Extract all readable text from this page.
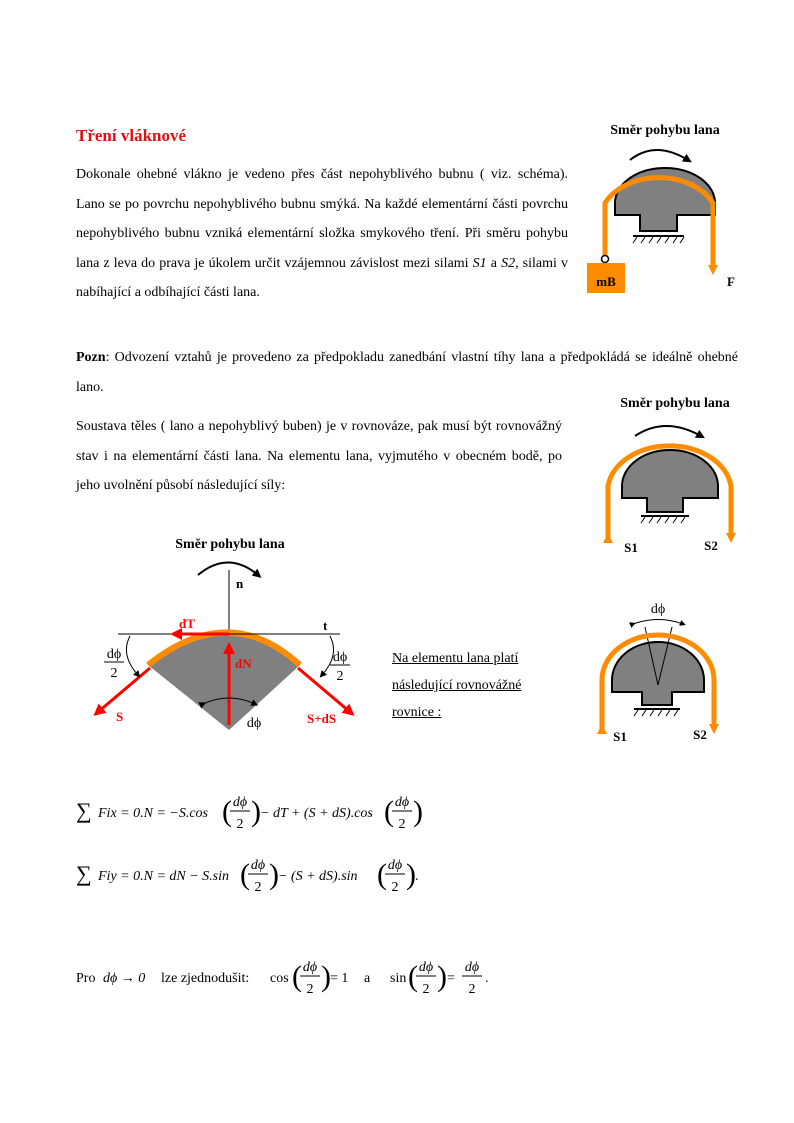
Tření vláknové
Dokonale ohebné vlákno je vedeno přes část nepohyblivého bubnu ( viz. schéma). Lano se po povrchu nepohyblivého bubnu smýká. Na každé elementární části povrchu nepohyblivého bubnu vzniká elementární složka smykového tření. Při směru pohybu lana z leva do prava je úkolem určit vzájemnou závislost mezi silami S1 a S2, silami v nabíhající a odbíhající části lana.
Pozn: Odvození vztahů je provedeno za předpokladu zanedbání vlastní tíhy lana a předpokládá se ideálně ohebné lano.
Soustava těles ( lano a nepohyblivý buben) je v rovnováze, pak musí být rovnovážný stav i na elementární části lana. Na elementu lana, vyjmutého v obecném bodě, po jeho uvolnění působí následující síly:
Na elementu lana platí následující rovnovážné rovnice :
Směr pohybu lana
mB	F
Směr pohybu lana
S1	S2
Směr pohybu lana
n
t
dT
dN
S	S+dS
dϕ
2
dϕ
2
dϕ
dϕ
S1	S2
∑ Fix = 0.N = −S.cos ( dϕ
2 ) − dT + (S + dS).cos ( dϕ
2 )
∑ Fiy = 0.N = dN − S.sin ( dϕ
2 ) − (S + dS).sin ( dϕ
2 ) .
Pro dϕ → 0 lze zjednodušit: cos ( dϕ
2 ) = 1 a sin ( dϕ
2 ) =
dϕ
2
.
